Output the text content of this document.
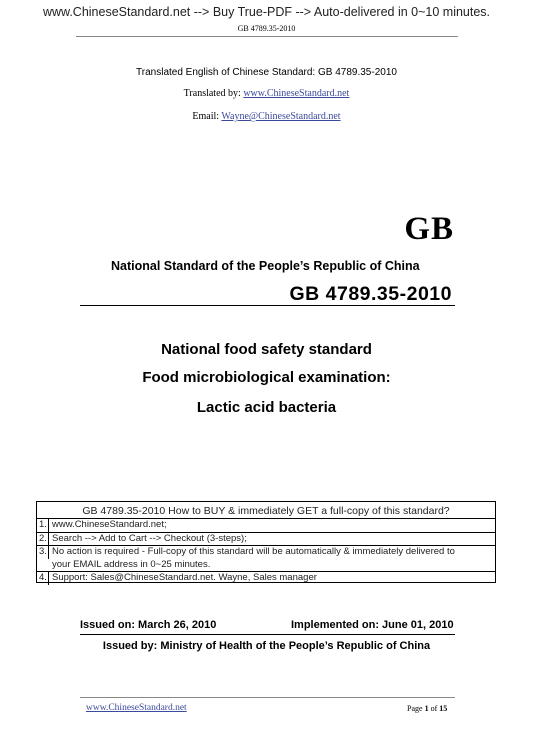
www.ChineseStandard.net --> Buy True-PDF --> Auto-delivered in 0~10 minutes.
GB 4789.35-2010
Translated English of Chinese Standard: GB 4789.35-2010
Translated by: www.ChineseStandard.net
Email: Wayne@ChineseStandard.net
GB
National Standard of the People’s Republic of China
GB 4789.35-2010
National food safety standard
Food microbiological examination:
Lactic acid bacteria
GB 4789.35-2010 How to BUY & immediately GET a full-copy of this standard?
1. www.ChineseStandard.net;
2. Search --> Add to Cart --> Checkout (3-steps);
3. No action is required - Full-copy of this standard will be automatically & immediately delivered to
your EMAIL address in 0~25 minutes.
4. Support: Sales@ChineseStandard.net. Wayne, Sales manager
Issued on: March 26, 2010	Implemented on: June 01, 2010
Issued by: Ministry of Health of the People’s Republic of China
www.ChineseStandard.net	Page 1 of 15
